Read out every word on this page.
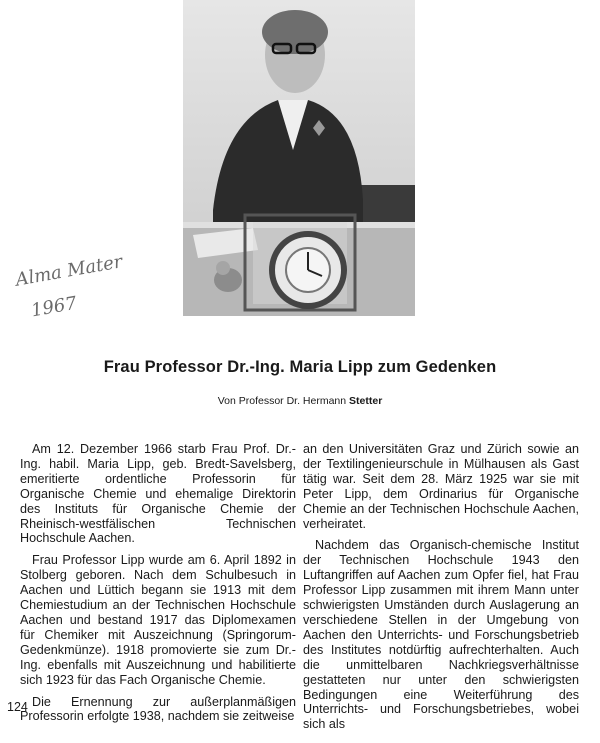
Alma Mater
1967
Frau Professor Dr.-Ing. Maria Lipp zum Gedenken

Von Professor Dr. Hermann Stetter

Am 12. Dezember 1966 starb Frau Prof. Dr.-Ing. habil. Maria Lipp, geb. Bredt-Savelsberg, emeritierte ordentliche Professorin für Organische Chemie und ehemalige Direktorin des Instituts für Organische Chemie der Rheinisch-westfälischen Technischen Hochschule Aachen.

Frau Professor Lipp wurde am 6. April 1892 in Stolberg geboren. Nach dem Schulbesuch in Aachen und Lüttich begann sie 1913 mit dem Chemiestudium an der Technischen Hochschule Aachen und bestand 1917 das Diplomexamen für Chemiker mit Auszeichnung (Springorum-Gedenkmünze). 1918 promovierte sie zum Dr.-Ing. ebenfalls mit Auszeichnung und habilitierte sich 1923 für das Fach Organische Chemie.

Die Ernennung zur außerplanmäßigen Professorin erfolgte 1938, nachdem sie zeitweise

an den Universitäten Graz und Zürich sowie an der Textilingenieurschule in Mülhausen als Gast tätig war. Seit dem 28. März 1925 war sie mit Peter Lipp, dem Ordinarius für Organische Chemie an der Technischen Hochschule Aachen, verheiratet.

Nachdem das Organisch-chemische Institut der Technischen Hochschule 1943 den Luftangriffen auf Aachen zum Opfer fiel, hat Frau Professor Lipp zusammen mit ihrem Mann unter schwierigsten Umständen durch Auslagerung an verschiedene Stellen in der Umgebung von Aachen den Unterrichts- und Forschungsbetrieb des Institutes notdürftig aufrechterhalten. Auch die unmittelbaren Nachkriegsverhältnisse gestatteten nur unter den schwierigsten Bedingungen eine Weiterführung des Unterrichts- und Forschungsbetriebes, wobei sich als

124
